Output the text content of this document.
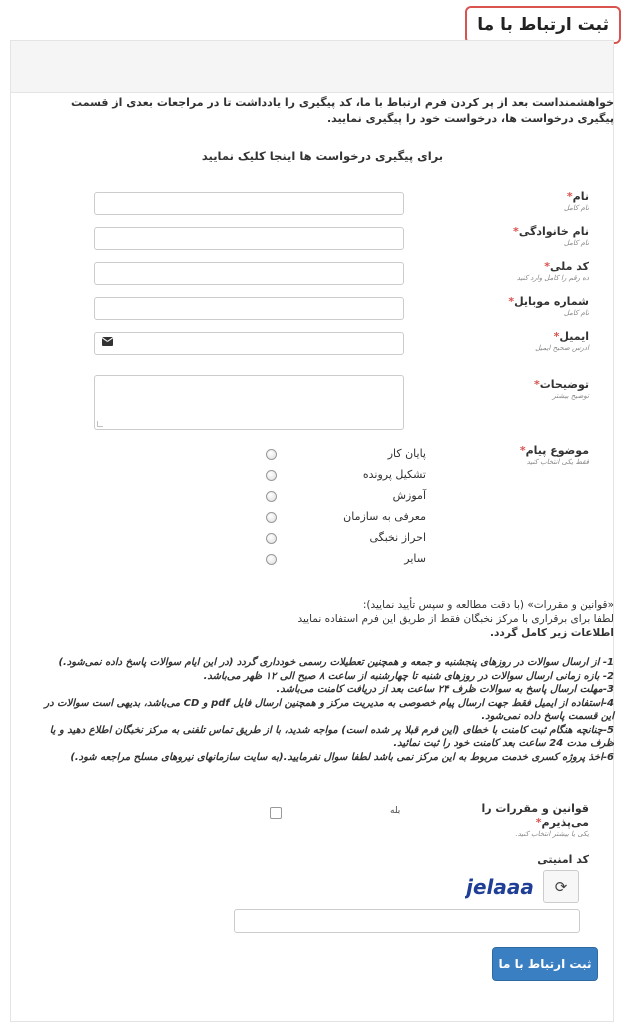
ثبت ارتباط با ما
خواهشمنداست بعد از پر کردن فرم ارتباط با ما، کد پیگیری را یادداشت تا در مراجعات بعدی از قسمت پیگیری درخواست ها، درخواست خود را پیگیری نمایید.
برای پیگیری درخواست ها اینجا کلیک نمایید
نام*
نام کامل
نام خانوادگی*
نام کامل
کد ملی*
ده رقم را کامل وارد کنید
شماره موبایل*
نام کامل
ایمیل*
ادرس صحیح ایمیل
توضیحات*
توضیح بیشتر
موضوع پیام*
فقط یکی انتخاب کنید
پایان کار
تشکیل پرونده
آموزش
معرفی به سازمان
احراز نخبگی
سایر
«قوانین و مقررات» (با دقت مطالعه و سپس تأیید نمایید):
لطفا برای برقراری با مرکز نخبگان فقط از طریق این فرم استفاده نمایید
اطلاعات زیر کامل گردد.
1- از ارسال سوالات در روزهای پنجشنبه و جمعه و همچنین تعطیلات رسمی خودداری گردد (در این ایام سوالات پاسخ داده نمی‌شود.)
2- بازه زمانی ارسال سوالات در روزهای شنبه تا چهارشنبه از ساعت ۸ صبح الی ۱۲ ظهر می‌باشد.
3-مهلت ارسال پاسخ به سوالات ظرف ۲۴ ساعت بعد از دریافت کامنت می‌باشد.
4-استفاده از ایمیل فقط جهت ارسال پیام خصوصی به مدیریت مرکز و همچنین ارسال فایل pdf و CD می‌باشد، بدیهی است سوالات در این قسمت پاسخ داده نمی‌شود.
5-چنانچه هنگام ثبت کامنت با خطای (این فرم قبلا پر شده است) مواجه شدید، با از طریق تماس تلفنی به مرکز نخبگان اطلاع دهید و یا ظرف مدت 24 ساعت بعد کامنت خود را ثبت نمائید.
6-اخذ پروژه کسری خدمت مربوط به این مرکز نمی باشد لطفا سوال نفرمایید.(به سایت سازمانهای نیروهای مسلح مراجعه شود.)
قوانین و مقررات را می‌پذیرم*
یکی یا بیشتر انتخاب کنید.
بله
کد امنیتی
jelaaa ⟳
ثبت ارتباط با ما
